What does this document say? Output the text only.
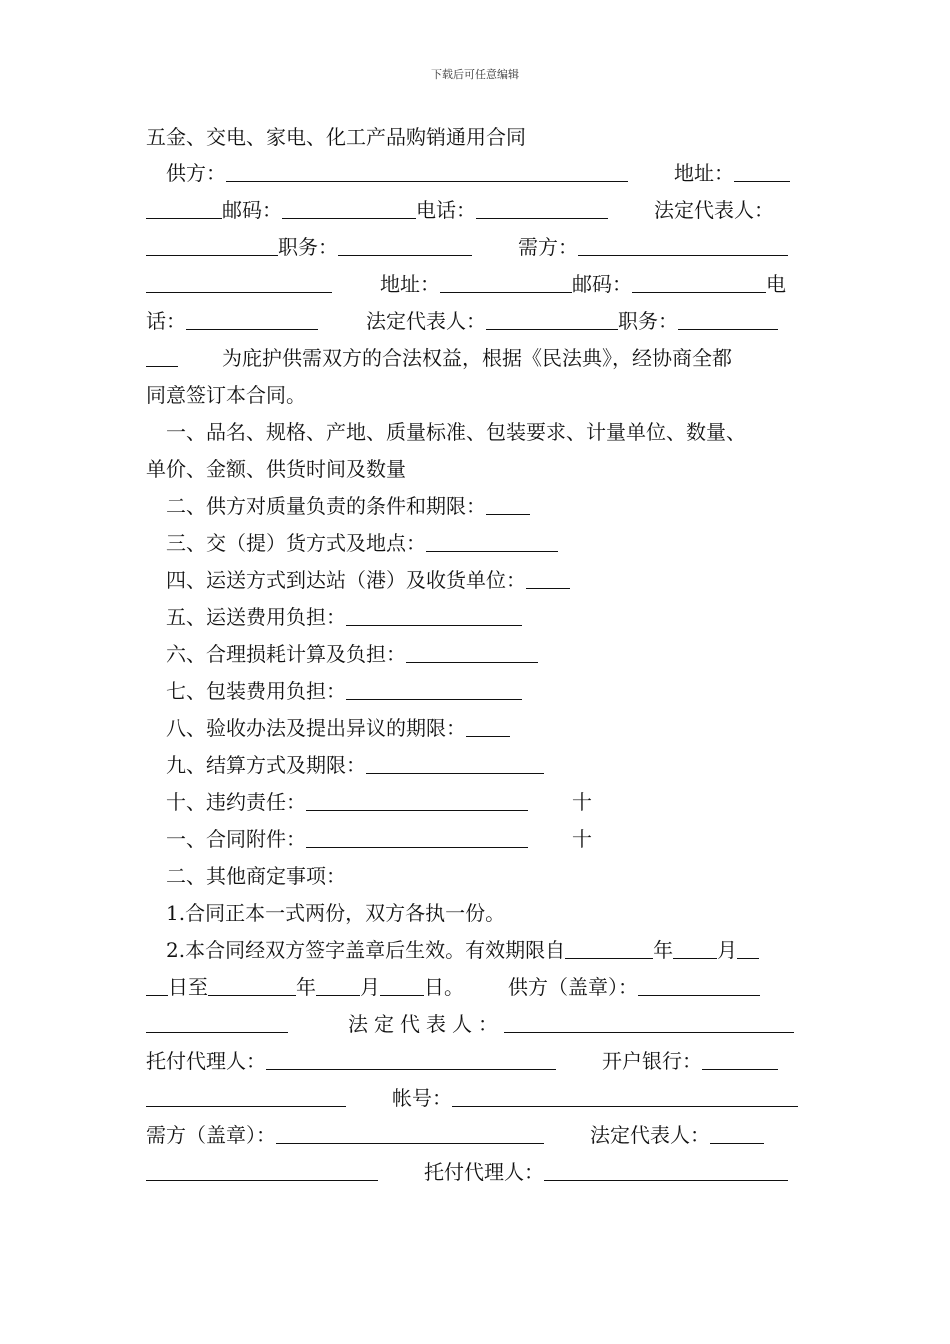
下载后可任意编辑
五金、交电、家电、化工产品购销通用合同
供方：	地址：
邮码：	电话：	法定代表人：
职务：	需方：
地址：	邮码：	电
话：	法定代表人：	职务：
为庇护供需双方的合法权益，根据《民法典》，经协商全都
同意签订本合同。
一、品名、规格、产地、质量标准、包装要求、计量单位、数量、
单价、金额、供货时间及数量
二、供方对质量负责的条件和期限：
三、交（提）货方式及地点：
四、运送方式到达站（港）及收货单位：
五、运送费用负担：
六、合理损耗计算及负担：
七、包装费用负担：
八、验收办法及提出异议的期限：
九、结算方式及期限：
十、违约责任：	十
一、合同附件：	十
二、其他商定事项：
1.合同正本一式两份，双方各执一份。
2.本合同经双方签字盖章后生效。有效期限自	年 月
日至	年 月 日。 供方（盖章）：
法定代表人：
托付代理人：	开户银行：
帐号：
需方（盖章）：	法定代表人：
托付代理人：
